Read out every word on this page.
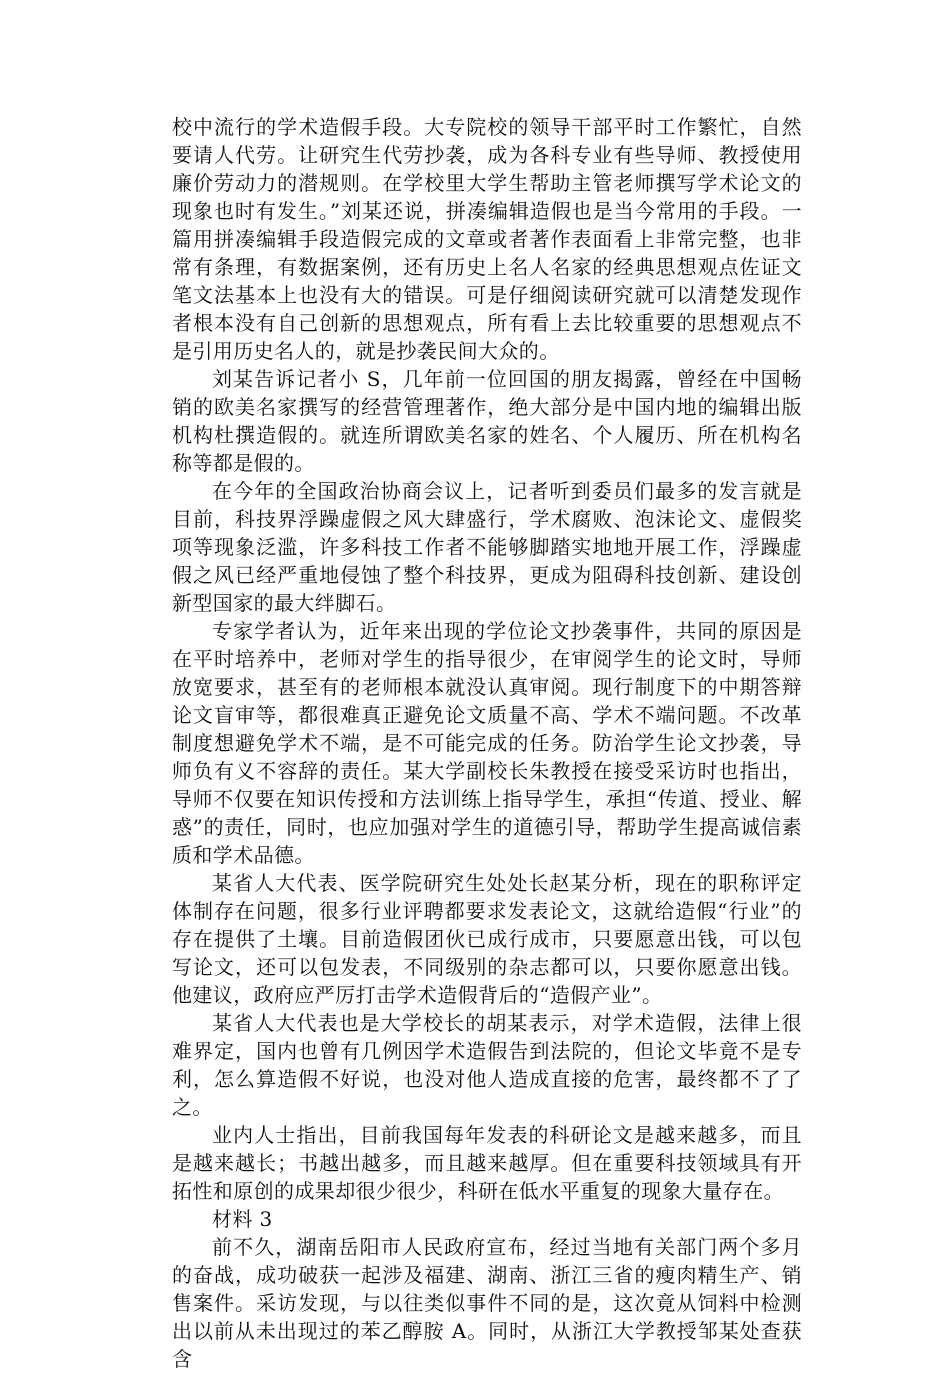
校中流行的学术造假手段。大专院校的领导干部平时工作繁忙，自然要请人代劳。让研究生代劳抄袭，成为各科专业有些导师、教授使用廉价劳动力的潜规则。在学校里大学生帮助主管老师撰写学术论文的现象也时有发生。”刘某还说，拼凑编辑造假也是当今常用的手段。一篇用拼凑编辑手段造假完成的文章或者著作表面看上非常完整，也非常有条理，有数据案例，还有历史上名人名家的经典思想观点佐证文笔文法基本上也没有大的错误。可是仔细阅读研究就可以清楚发现作者根本没有自己创新的思想观点，所有看上去比较重要的思想观点不是引用历史名人的，就是抄袭民间大众的。

刘某告诉记者小 S，几年前一位回国的朋友揭露，曾经在中国畅销的欧美名家撰写的经营管理著作，绝大部分是中国内地的编辑出版机构杜撰造假的。就连所谓欧美名家的姓名、个人履历、所在机构名称等都是假的。

在今年的全国政治协商会议上，记者听到委员们最多的发言就是目前，科技界浮躁虚假之风大肆盛行，学术腐败、泡沫论文、虚假奖项等现象泛滥，许多科技工作者不能够脚踏实地地开展工作，浮躁虚假之风已经严重地侵蚀了整个科技界，更成为阻碍科技创新、建设创新型国家的最大绊脚石。

专家学者认为，近年来出现的学位论文抄袭事件，共同的原因是在平时培养中，老师对学生的指导很少，在审阅学生的论文时，导师放宽要求，甚至有的老师根本就没认真审阅。现行制度下的中期答辩论文盲审等，都很难真正避免论文质量不高、学术不端问题。不改革制度想避免学术不端，是不可能完成的任务。防治学生论文抄袭，导师负有义不容辞的责任。某大学副校长朱教授在接受采访时也指出，导师不仅要在知识传授和方法训练上指导学生，承担“传道、授业、解惑”的责任，同时，也应加强对学生的道德引导，帮助学生提高诚信素质和学术品德。

某省人大代表、医学院研究生处处长赵某分析，现在的职称评定体制存在问题，很多行业评聘都要求发表论文，这就给造假“行业”的存在提供了土壤。目前造假团伙已成行成市，只要愿意出钱，可以包写论文，还可以包发表，不同级别的杂志都可以，只要你愿意出钱。他建议，政府应严厉打击学术造假背后的“造假产业”。

某省人大代表也是大学校长的胡某表示，对学术造假，法律上很难界定，国内也曾有几例因学术造假告到法院的，但论文毕竟不是专利，怎么算造假不好说，也没对他人造成直接的危害，最终都不了了之。

业内人士指出，目前我国每年发表的科研论文是越来越多，而且是越来越长；书越出越多，而且越来越厚。但在重要科技领域具有开拓性和原创的成果却很少很少，科研在低水平重复的现象大量存在。

材料 3

前不久，湖南岳阳市人民政府宣布，经过当地有关部门两个多月的奋战，成功破获一起涉及福建、湖南、浙江三省的瘦肉精生产、销售案件。采访发现，与以往类似事件不同的是，这次竟从饲料中检测出以前从未出现过的苯乙醇胺 A。同时，从浙江大学教授邹某处查获含
